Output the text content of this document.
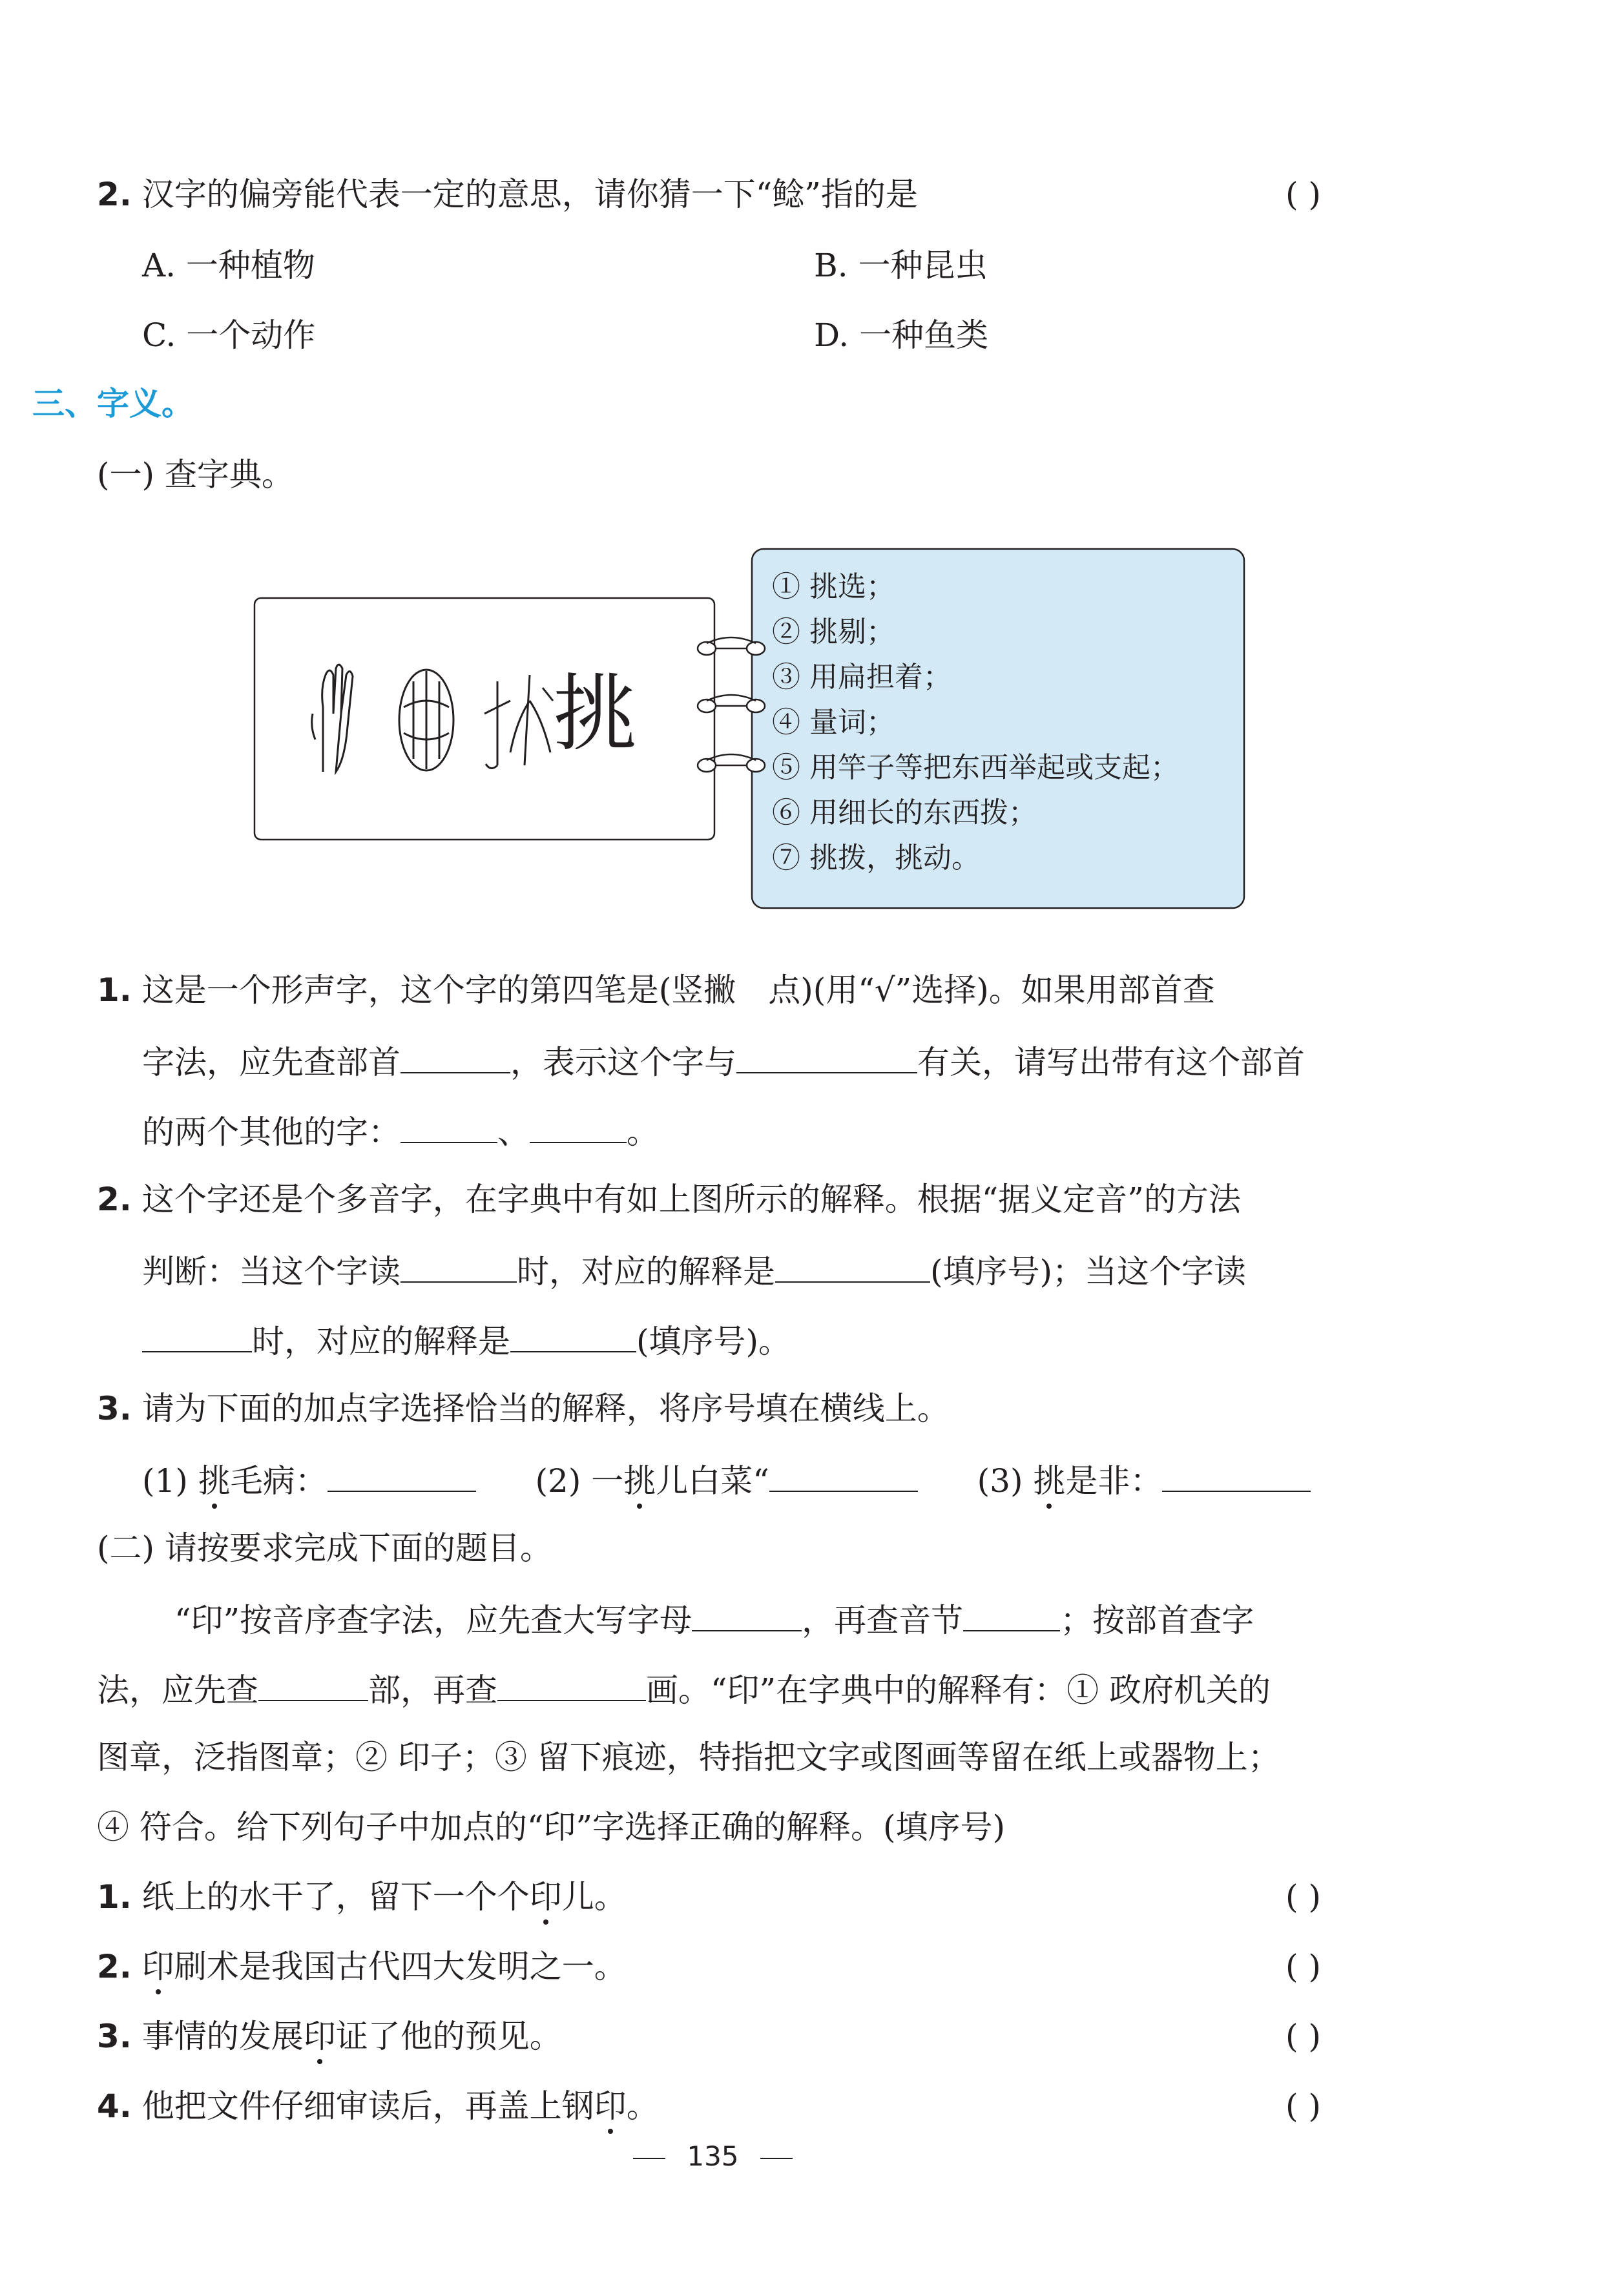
2. 汉字的偏旁能代表一定的意思，请你猜一下“鲶”指的是	( )
A. 一种植物	B. 一种昆虫
C. 一个动作	D. 一种鱼类
三、字义。
(一) 查字典。
挑
① 挑选；
② 挑剔；
③ 用扁担着；
④ 量词；
⑤ 用竿子等把东西举起或支起；
⑥ 用细长的东西拨；
⑦ 挑拨，挑动。
1. 这是一个形声字，这个字的第四笔是(竖撇　点)(用“√”选择)。如果用部首查
字法，应先查部首	，表示这个字与	有关，请写出带有这个部首
的两个其他的字：	、	。
2. 这个字还是个多音字，在字典中有如上图所示的解释。根据“据义定音”的方法
判断：当这个字读	时，对应的解释是	(填序号)；当这个字读
时，对应的解释是	(填序号)。
3. 请为下面的加点字选择恰当的解释，将序号填在横线上。
(1) 挑毛病：	(2) 一挑儿白菜“	(3) 挑是非：
(二) 请按要求完成下面的题目。
“印”按音序查字法，应先查大写字母	，再查音节	；按部首查字
法，应先查	部，再查	画。“印”在字典中的解释有：① 政府机关的
图章，泛指图章；② 印子；③ 留下痕迹，特指把文字或图画等留在纸上或器物上；
④ 符合。给下列句子中加点的“印”字选择正确的解释。(填序号)
1. 纸上的水干了，留下一个个印儿。	( )
2. 印刷术是我国古代四大发明之一。	( )
3. 事情的发展印证了他的预见。	( )
4. 他把文件仔细审读后，再盖上钢印。	( )
135
